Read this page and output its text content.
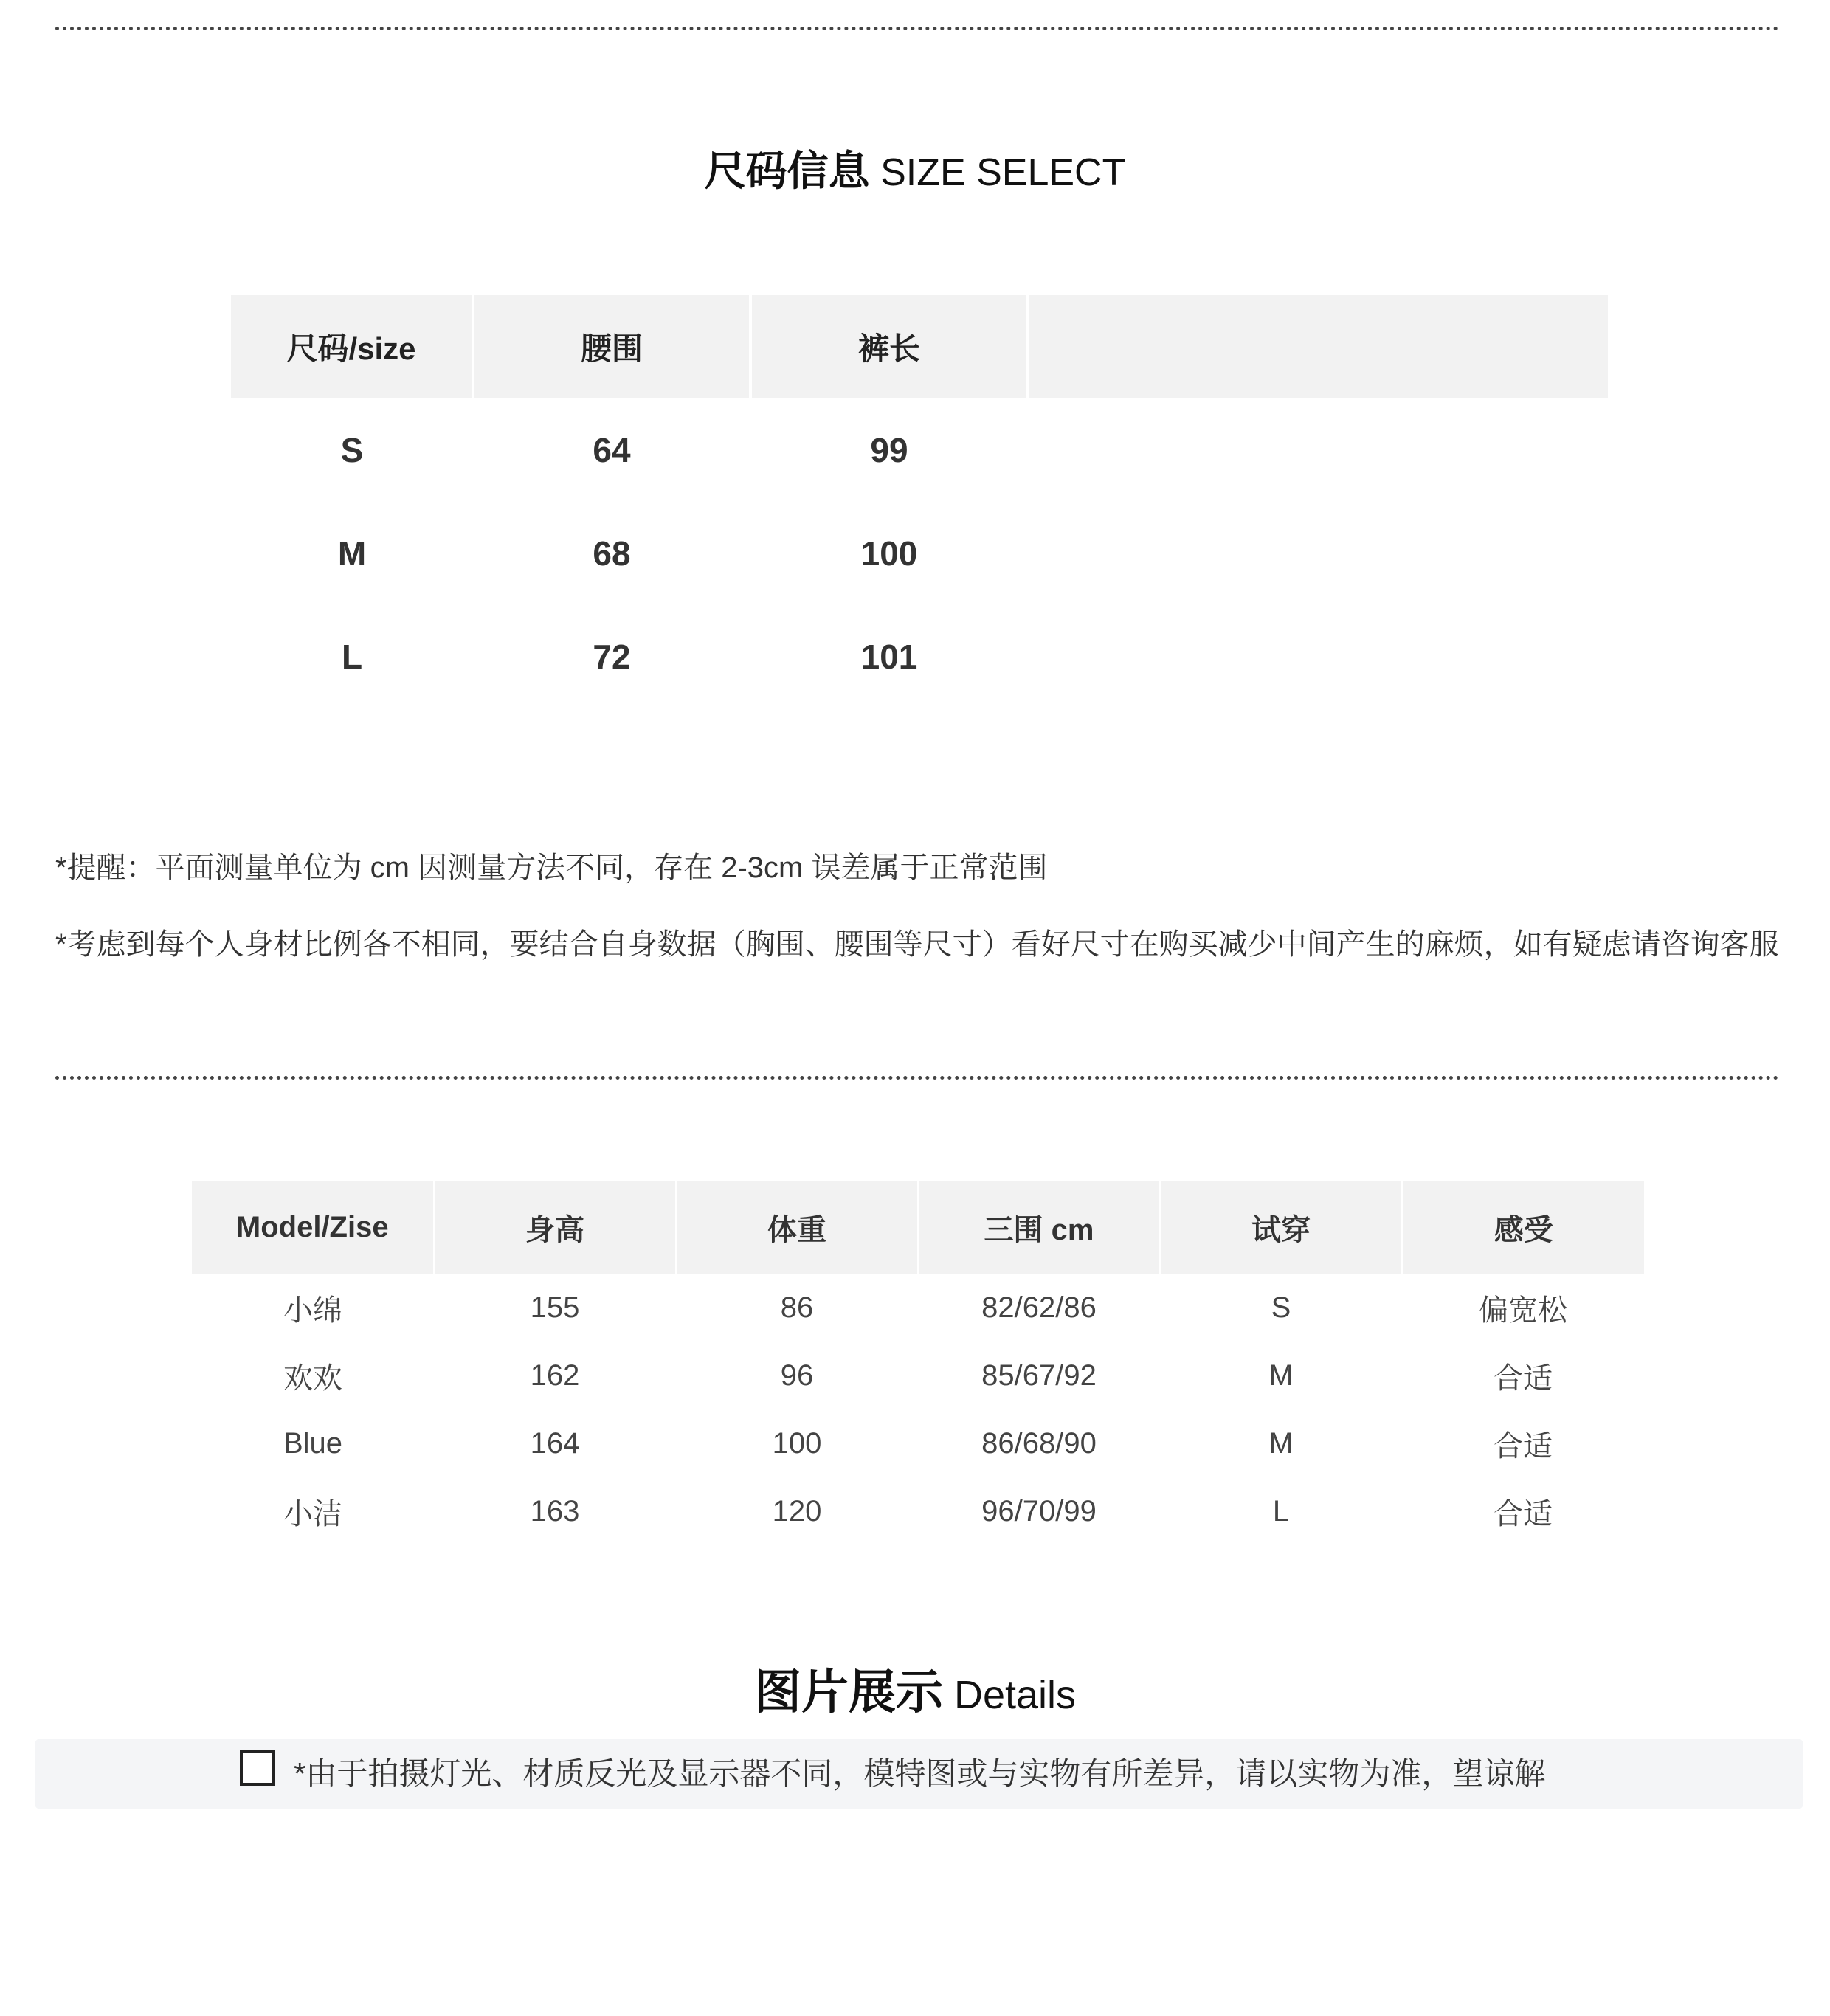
尺码信息 SIZE SELECT
尺码/size	腰围	裤长	
S	64	99	
M	68	100	
L	72	101	
*提醒：平面测量单位为 cm 因测量方法不同，存在 2-3cm 误差属于正常范围
*考虑到每个人身材比例各不相同，要结合自身数据（胸围、腰围等尺寸）看好尺寸在购买减少中间产生的麻烦，如有疑虑请咨询客服
Model/Zise	身高	体重	三围 cm	试穿	感受
小绵	155	86	82/62/86	S	偏宽松
欢欢	162	96	85/67/92	M	合适
Blue	164	100	86/68/90	M	合适
小洁	163	120	96/70/99	L	合适
图片展示 Details
*由于拍摄灯光、材质反光及显示器不同，模特图或与实物有所差异，请以实物为准，望谅解
